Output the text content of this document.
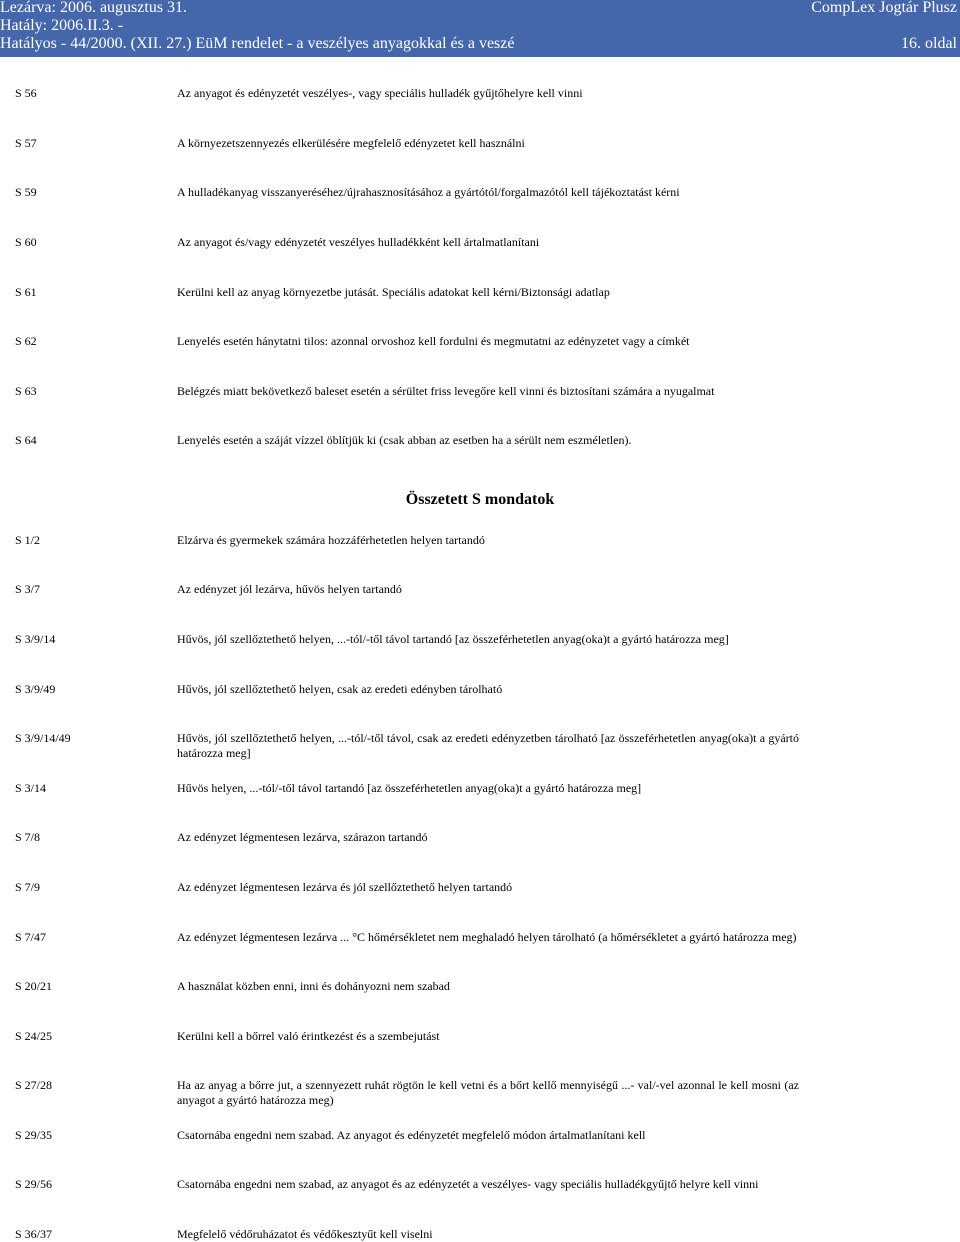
Lezárva: 2006. augusztus 31.
Hatály: 2006.II.3. -
Hatályos - 44/2000. (XII. 27.) EüM rendelet - a veszélyes anyagokkal és a veszé
CompLex Jogtár Plusz
16. oldal
S 56	Az anyagot és edényzetét veszélyes-, vagy speciális hulladék gyűjtőhelyre kell vinni
S 57	A környezetszennyezés elkerülésére megfelelő edényzetet kell használni
S 59	A hulladékanyag visszanyeréséhez/újrahasznosításához a gyártótól/forgalmazótól kell tájékoztatást kérni
S 60	Az anyagot és/vagy edényzetét veszélyes hulladékként kell ártalmatlanítani
S 61	Kerülni kell az anyag környezetbe jutását. Speciális adatokat kell kérni/Biztonsági adatlap
S 62	Lenyelés esetén hánytatni tilos: azonnal orvoshoz kell fordulni és megmutatni az edényzetet vagy a címkét
S 63	Belégzés miatt bekövetkező baleset esetén a sérültet friss levegőre kell vinni és biztosítani számára a nyugalmat
S 64	Lenyelés esetén a száját vízzel öblítjük ki (csak abban az esetben ha a sérült nem eszméletlen).
Összetett S mondatok
S 1/2	Elzárva és gyermekek számára hozzáférhetetlen helyen tartandó
S 3/7	Az edényzet jól lezárva, hűvös helyen tartandó
S 3/9/14	Hűvös, jól szellőztethető helyen, ...-tól/-től távol tartandó [az összeférhetetlen anyag(oka)t a gyártó határozza meg]
S 3/9/49	Hűvös, jól szellőztethető helyen, csak az eredeti edényben tárolható
S 3/9/14/49	Hűvös, jól szellőztethető helyen, ...-tól/-től távol, csak az eredeti edényzetben tárolható [az összeférhetetlen anyag(oka)t a gyártó határozza meg]
S 3/14	Hűvös helyen, ...-tól/-től távol tartandó [az összeférhetetlen anyag(oka)t a gyártó határozza meg]
S 7/8	Az edényzet légmentesen lezárva, szárazon tartandó
S 7/9	Az edényzet légmentesen lezárva és jól szellőztethető helyen tartandó
S 7/47	Az edényzet légmentesen lezárva ... °C hőmérsékletet nem meghaladó helyen tárolható (a hőmérsékletet a gyártó határozza meg)
S 20/21	A használat közben enni, inni és dohányozni nem szabad
S 24/25	Kerülni kell a bőrrel való érintkezést és a szembejutást
S 27/28	Ha az anyag a bőrre jut, a szennyezett ruhát rögtön le kell vetni és a bőrt kellő mennyiségű ...- val/-vel azonnal le kell mosni (az anyagot a gyártó határozza meg)
S 29/35	Csatornába engedni nem szabad. Az anyagot és edényzetét megfelelő módon ártalmatlanítani kell
S 29/56	Csatornába engedni nem szabad, az anyagot és az edényzetét a veszélyes- vagy speciális hulladékgyűjtő helyre kell vinni
S 36/37	Megfelelő védőruházatot és védőkesztyűt kell viselni
